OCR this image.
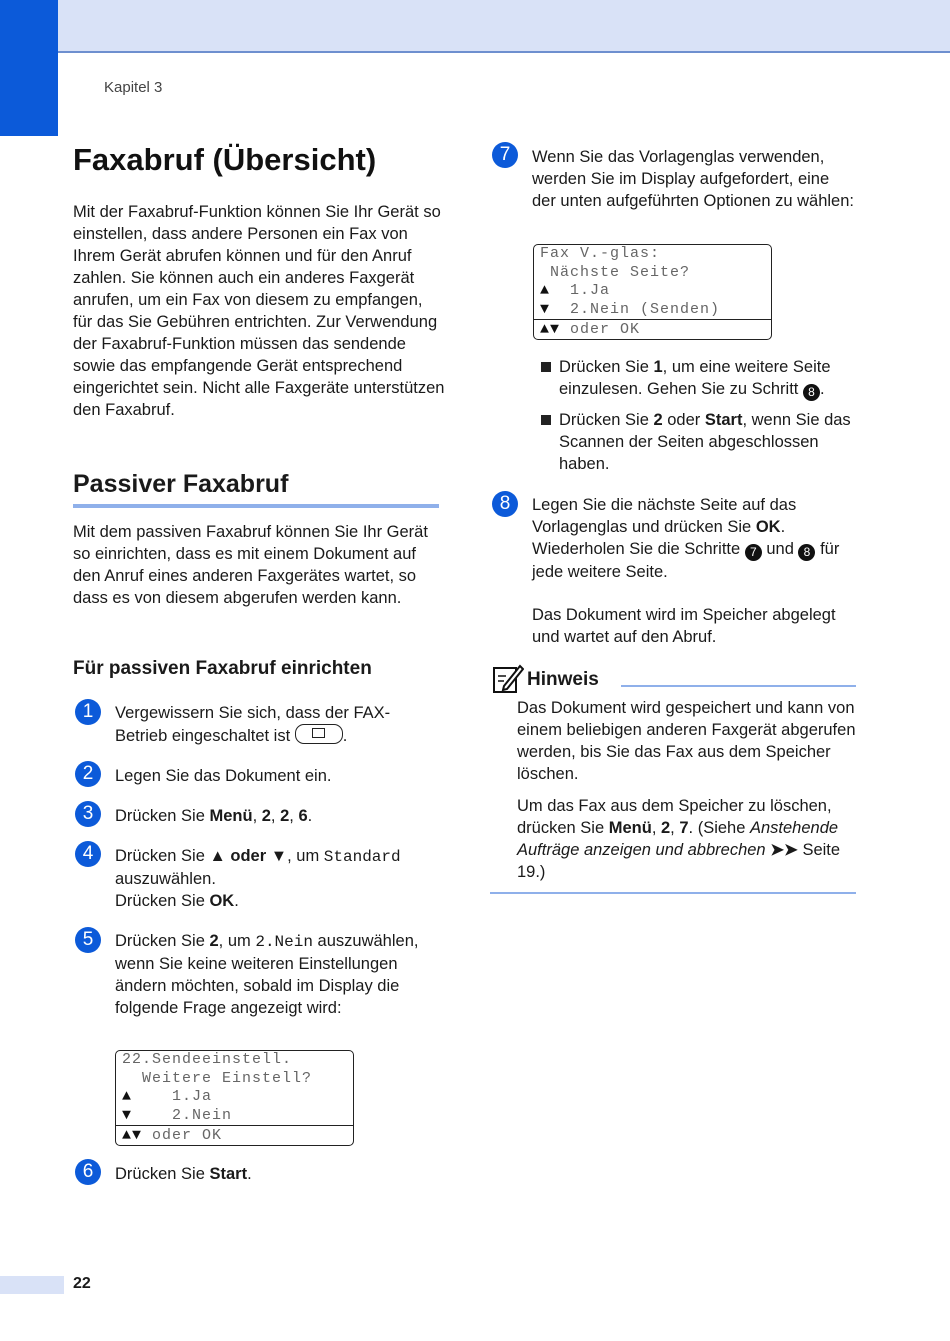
Kapitel 3
Faxabruf (Übersicht)

Mit der Faxabruf-Funktion können Sie Ihr Gerät so einstellen, dass andere Personen ein Fax von Ihrem Gerät abrufen können und für den Anruf zahlen. Sie können auch ein anderes Faxgerät anrufen, um ein Fax von diesem zu empfangen, für das Sie Gebühren entrichten. Zur Verwendung der Faxabruf-Funktion müssen das sendende sowie das empfangende Gerät entsprechend eingerichtet sein. Nicht alle Faxgeräte unterstützen den Faxabruf.

Passiver Faxabruf

Mit dem passiven Faxabruf können Sie Ihr Gerät so einrichten, dass es mit einem Dokument auf den Anruf eines anderen Faxgerätes wartet, so dass es von diesem abgerufen werden kann.

Für passiven Faxabruf einrichten
1	Vergewissern Sie sich, dass der FAX-Betrieb eingeschaltet ist	.
2	Legen Sie das Dokument ein.
3	Drücken Sie Menü, 2, 2, 6.
4	Drücken Sie ▲ oder ▼, um Standard
auszuwählen.
Drücken Sie OK.
5	Drücken Sie 2, um 2.Nein auszuwählen, wenn Sie keine weiteren Einstellungen ändern möchten, sobald im Display die folgende Frage angezeigt wird:
22.Sendeeinstell.
Weitere Einstell?
▲    1.Ja
▼    2.Nein
▲▼ oder OK
6	Drücken Sie Start.
7	Wenn Sie das Vorlagenglas verwenden, werden Sie im Display aufgefordert, eine der unten aufgeführten Optionen zu wählen:
Fax V.-glas:
Nächste Seite?
▲  1.Ja
▼  2.Nein (Senden)
▲▼ oder OK
Drücken Sie 1, um eine weitere Seite einzulesen. Gehen Sie zu Schritt 8 .
Drücken Sie 2 oder Start, wenn Sie das Scannen der Seiten abgeschlossen haben.
8	Legen Sie die nächste Seite auf das Vorlagenglas und drücken Sie OK. Wiederholen Sie die Schritte 7 und 8 für jede weitere Seite.
Das Dokument wird im Speicher abgelegt und wartet auf den Abruf.
Hinweis
Das Dokument wird gespeichert und kann von einem beliebigen anderen Faxgerät abgerufen werden, bis Sie das Fax aus dem Speicher löschen.
Um das Fax aus dem Speicher zu löschen, drücken Sie Menü, 2, 7. (Siehe Anstehende Aufträge anzeigen und abbrechen ➤➤ Seite 19.)
22
